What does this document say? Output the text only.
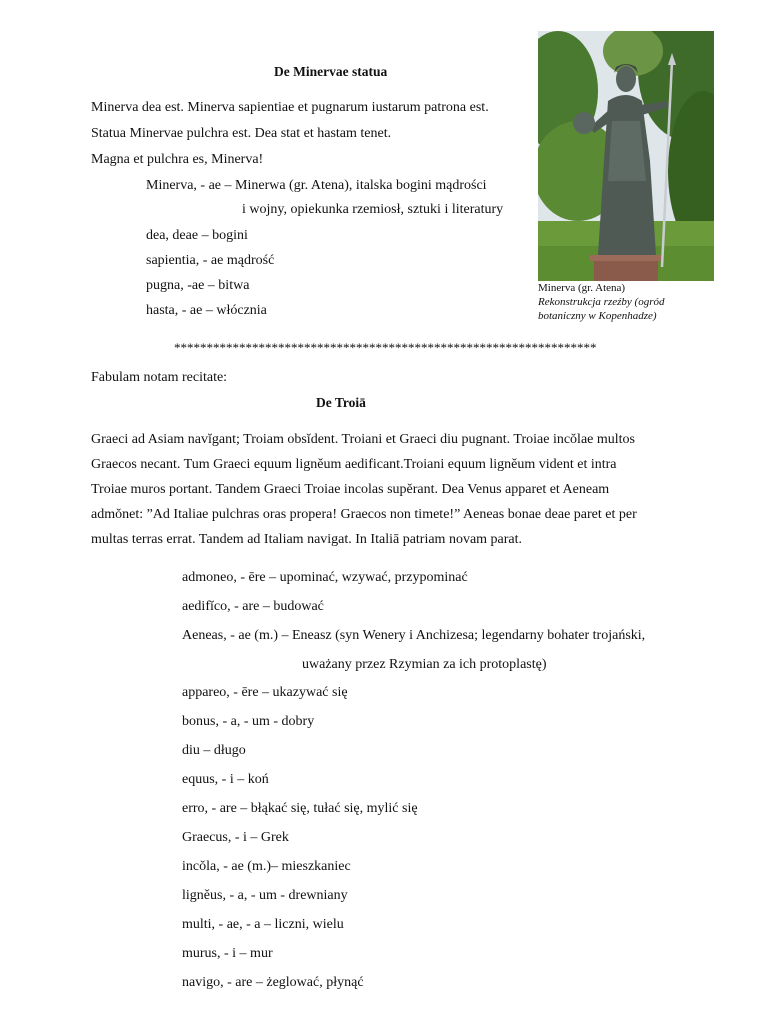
De Minervae statua
Minerva dea est. Minerva sapientiae et pugnarum iustarum patrona est.
Statua Minervae pulchra est. Dea stat et hastam tenet.
Magna et pulchra es, Minerva!
Minerva, - ae – Minerwa (gr. Atena), italska bogini mądrości
i wojny, opiekunka rzemiosł, sztuki i literatury
dea, deae – bogini
sapientia, - ae mądrość
pugna, -ae – bitwa
hasta, - ae – włócznia
Minerva (gr. Atena)
Rekonstrukcja rzeźby (ogród
botaniczny w Kopenhadze)
*****************************************************************
Fabulam notam recitate:
De Troiā
Graeci ad Asiam navĭgant; Troiam obsĭdent. Troiani et Graeci diu pugnant. Troiae incŏlae multos
Graecos necant. Tum Graeci equum ligněum aedificant.Troiani equum ligněum vident et intra
Troiae muros portant. Tandem Graeci Troiae incolas supĕrant. Dea Venus apparet et Aeneam
admŏnet: ”Ad Italiae pulchras oras propera! Graecos non timete!” Aeneas bonae deae paret et per
multas terras errat. Tandem ad Italiam navigat. In Italiā patriam novam parat.
admoneo, - ēre – upominać, wzywać, przypominać
aedifĭco, - are – budować
Aeneas, - ae (m.) – Eneasz (syn Wenery i Anchizesa; legendarny bohater trojański,
uważany przez Rzymian za ich protoplastę)
appareo, - ēre – ukazywać się
bonus, - a, - um - dobry
diu – długo
equus, - i – koń
erro, - are – błąkać się, tułać się, mylić się
Graecus, - i – Grek
incŏla, - ae (m.)– mieszkaniec
ligněus, - a, - um - drewniany
multi, - ae, - a – liczni, wielu
murus, - i – mur
navigo, - are – żeglować, płynąć
